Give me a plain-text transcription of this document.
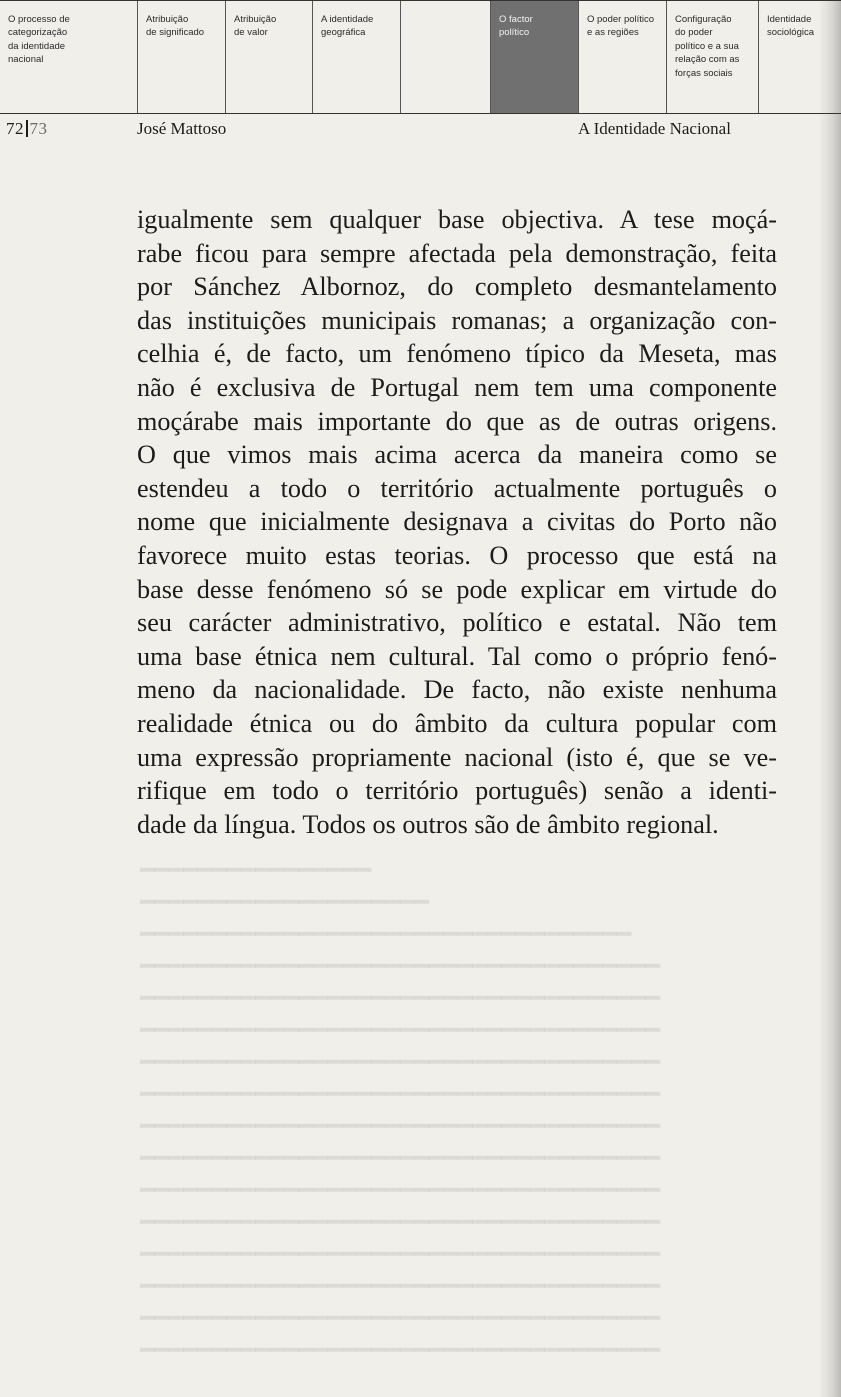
O processo de
categorização
da identidade
nacional
Atribuição
de significado
Atribuição
de valor
A identidade
geográfica
O factor
político
O poder político
e as regiões
Configuração
do poder
político e a sua
relação com as
forças sociais
Identidade
sociológica
72 73	José Mattoso	A Identidade Nacional
igualmente sem qualquer base objectiva. A tese moçá-
rabe ficou para sempre afectada pela demonstração, feita
por Sánchez Albornoz, do completo desmantelamento
das instituições municipais romanas; a organização con-
celhia é, de facto, um fenómeno típico da Meseta, mas
não é exclusiva de Portugal nem tem uma componente
moçárabe mais importante do que as de outras origens.
O que vimos mais acima acerca da maneira como se
estendeu a todo o território actualmente português o
nome que inicialmente designava a civitas do Porto não
favorece muito estas teorias. O processo que está na
base desse fenómeno só se pode explicar em virtude do
seu carácter administrativo, político e estatal. Não tem
uma base étnica nem cultural. Tal como o próprio fenó-
meno da nacionalidade. De facto, não existe nenhuma
realidade étnica ou do âmbito da cultura popular com
uma expressão propriamente nacional (isto é, que se ve-
rifique em todo o território português) senão a identi-
dade da língua. Todos os outros são de âmbito regional.
━━━━━━━━━━━━━━━━
━━━━━━━━━━━━━━━━━━━━
━━━━━━━━━━━━━━━━━━━━━━━━━━━━━━━━━━
━━━━━━━━━━━━━━━━━━━━━━━━━━━━━━━━━━━━
━━━━━━━━━━━━━━━━━━━━━━━━━━━━━━━━━━━━
━━━━━━━━━━━━━━━━━━━━━━━━━━━━━━━━━━━━
━━━━━━━━━━━━━━━━━━━━━━━━━━━━━━━━━━━━
━━━━━━━━━━━━━━━━━━━━━━━━━━━━━━━━━━━━
━━━━━━━━━━━━━━━━━━━━━━━━━━━━━━━━━━━━
━━━━━━━━━━━━━━━━━━━━━━━━━━━━━━━━━━━━
━━━━━━━━━━━━━━━━━━━━━━━━━━━━━━━━━━━━
━━━━━━━━━━━━━━━━━━━━━━━━━━━━━━━━━━━━
━━━━━━━━━━━━━━━━━━━━━━━━━━━━━━━━━━━━
━━━━━━━━━━━━━━━━━━━━━━━━━━━━━━━━━━━━
━━━━━━━━━━━━━━━━━━━━━━━━━━━━━━━━━━━━
━━━━━━━━━━━━━━━━━━━━━━━━━━━━━━━━━━━━
